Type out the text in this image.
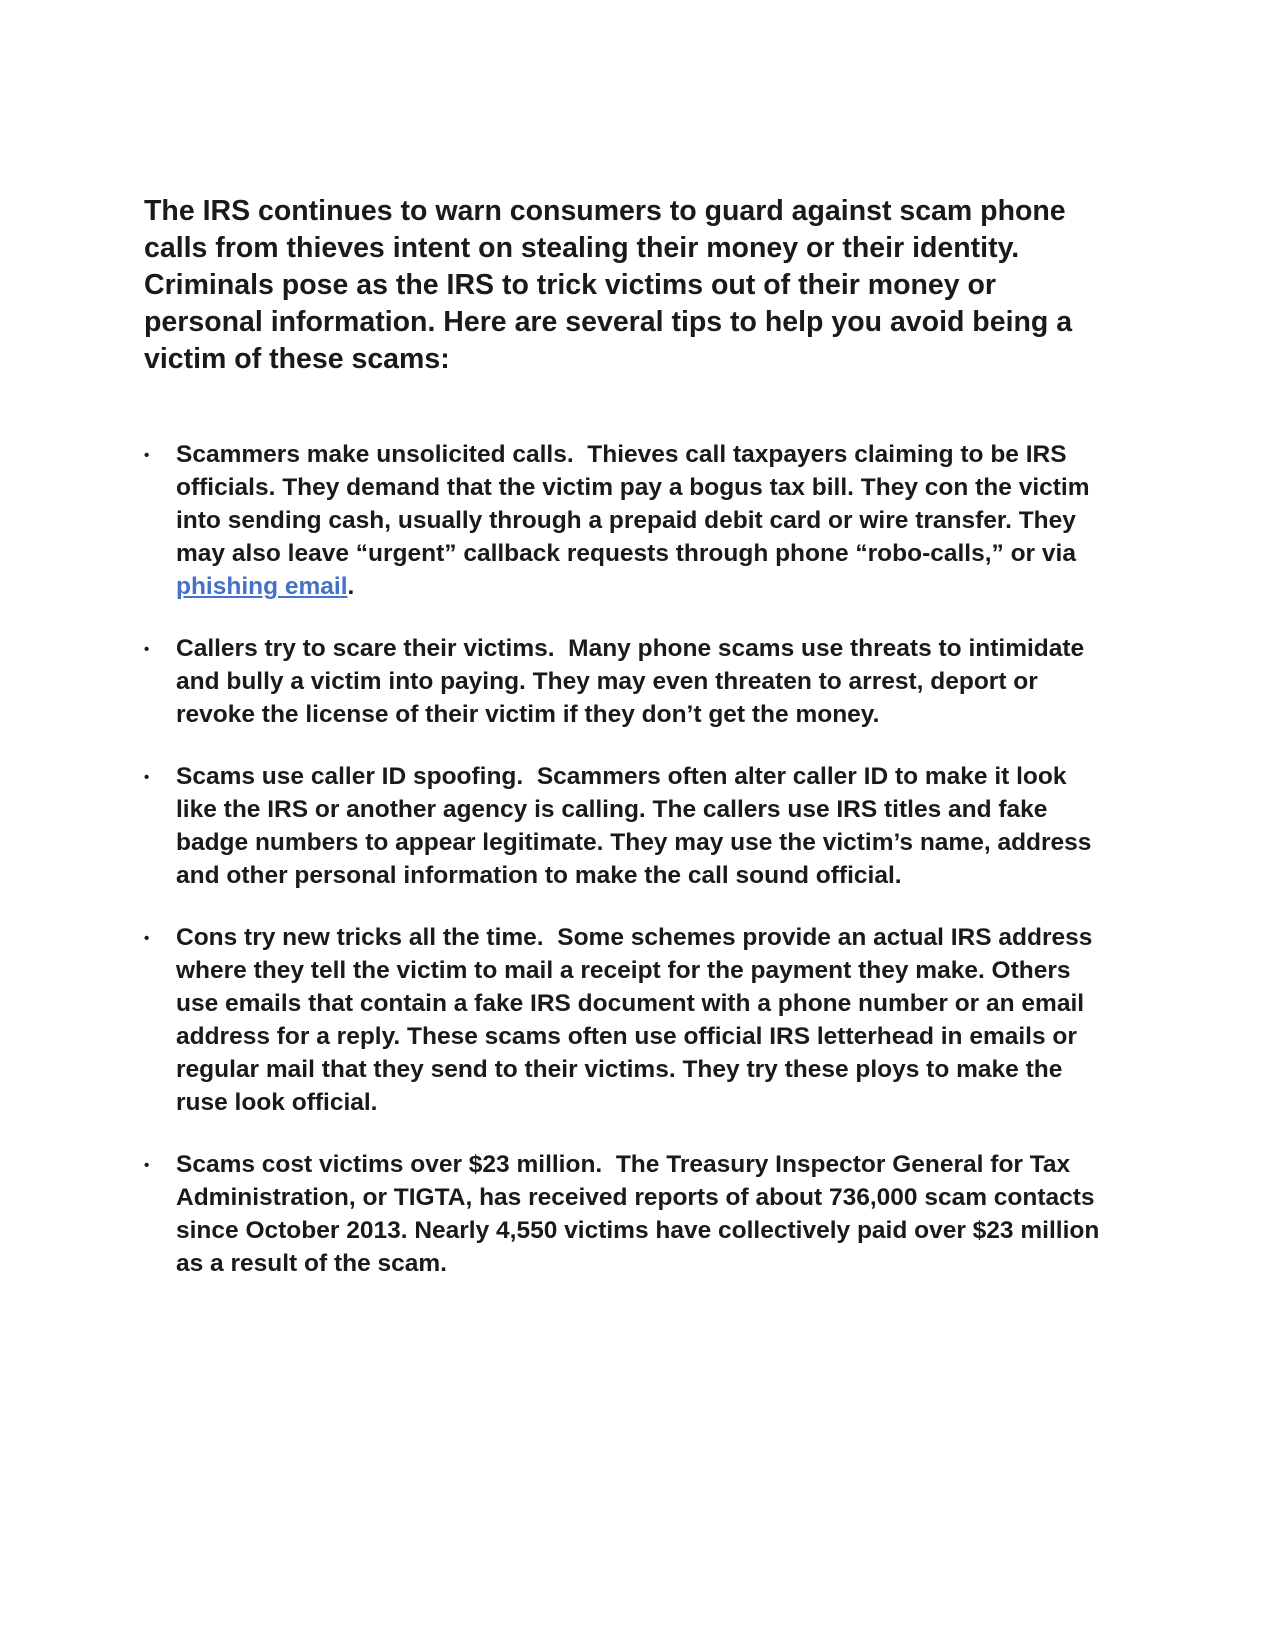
The IRS continues to warn consumers to guard against scam phone calls from thieves intent on stealing their money or their identity. Criminals pose as the IRS to trick victims out of their money or personal information. Here are several tips to help you avoid being a victim of these scams:

•	Scammers make unsolicited calls.  Thieves call taxpayers claiming to be IRS officials. They demand that the victim pay a bogus tax bill. They con the victim into sending cash, usually through a prepaid debit card or wire transfer. They may also leave “urgent” callback requests through phone “robo-calls,” or via phishing email.
•	Callers try to scare their victims.  Many phone scams use threats to intimidate and bully a victim into paying. They may even threaten to arrest, deport or revoke the license of their victim if they don’t get the money.
•	Scams use caller ID spoofing.  Scammers often alter caller ID to make it look like the IRS or another agency is calling. The callers use IRS titles and fake badge numbers to appear legitimate. They may use the victim’s name, address and other personal information to make the call sound official.
•	Cons try new tricks all the time.  Some schemes provide an actual IRS address where they tell the victim to mail a receipt for the payment they make. Others use emails that contain a fake IRS document with a phone number or an email address for a reply. These scams often use official IRS letterhead in emails or regular mail that they send to their victims. They try these ploys to make the ruse look official.
•	Scams cost victims over $23 million.  The Treasury Inspector General for Tax Administration, or TIGTA, has received reports of about 736,000 scam contacts since October 2013. Nearly 4,550 victims have collectively paid over $23 million as a result of the scam.
